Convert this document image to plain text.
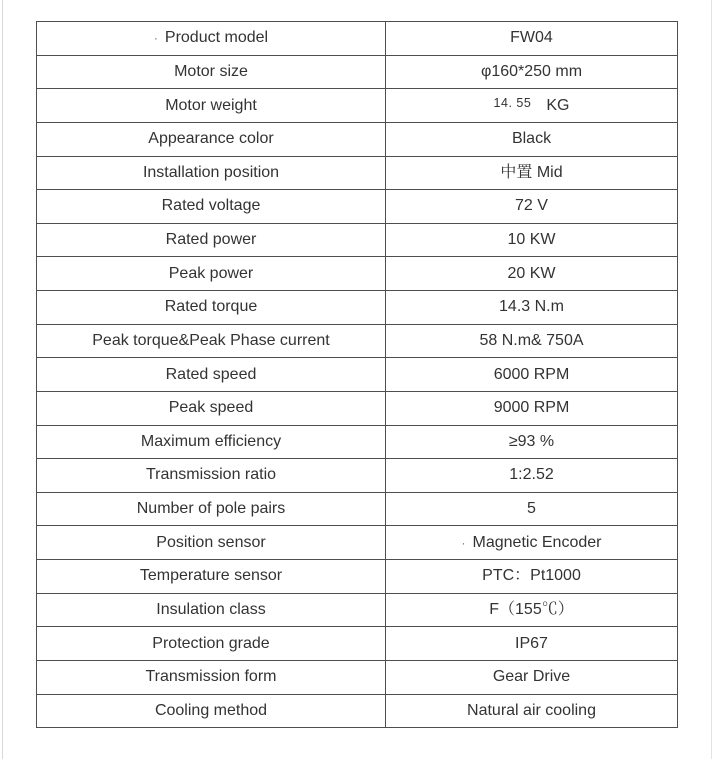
· Product model	FW04
Motor size	φ160*250 mm
Motor weight	14. 55 KG
Appearance color	Black
Installation position	中置 Mid
Rated voltage	72 V
Rated power	10 KW
Peak power	20 KW
Rated torque	14.3 N.m
Peak torque&Peak Phase current	58 N.m& 750A
Rated speed	6000 RPM
Peak speed	9000 RPM
Maximum efficiency	≥93 %
Transmission ratio	1:2.52
Number of pole pairs	5
Position sensor	· Magnetic Encoder
Temperature sensor	PTC：Pt1000
Insulation class	F（155℃）
Protection grade	IP67
Transmission form	Gear Drive
Cooling method	Natural air cooling
